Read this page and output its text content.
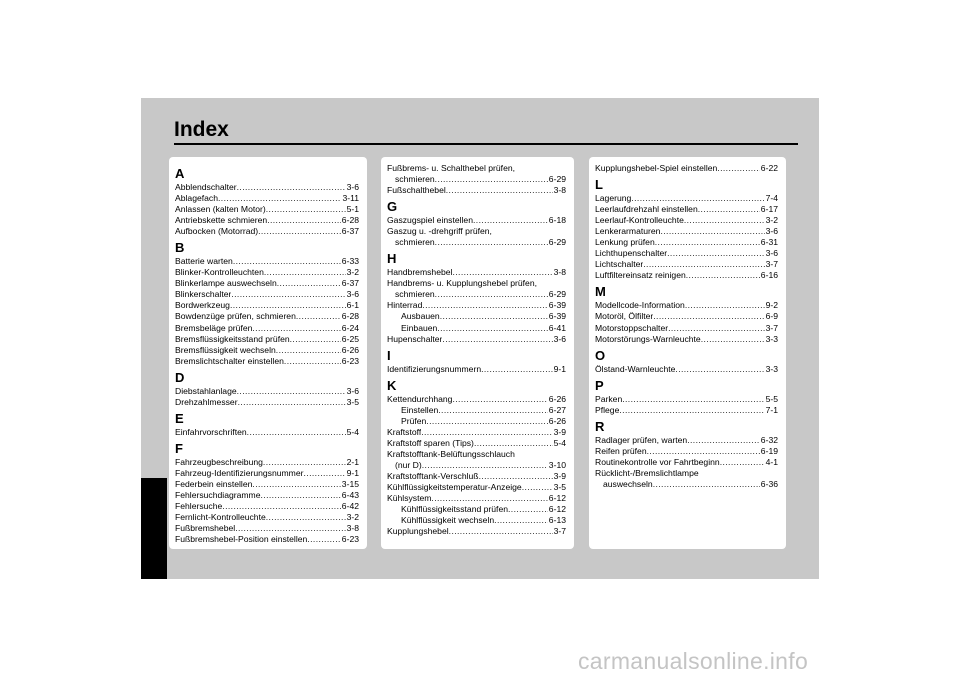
Index
A
Abblendschalter .....	3-6
Ablagefach .....	3-11
Anlassen (kalten Motor) .....	5-1
Antriebskette schmieren .....	6-28
Aufbocken (Motorrad) .....	6-37
B
Batterie warten .....	6-33
Blinker-Kontrolleuchten .....	3-2
Blinkerlampe auswechseln .....	6-37
Blinkerschalter .....	3-6
Bordwerkzeug .....	6-1
Bowdenzüge prüfen, schmieren .....	6-28
Bremsbeläge prüfen .....	6-24
Bremsflüssigkeitsstand prüfen .....	6-25
Bremsflüssigkeit wechseln .....	6-26
Bremslichtschalter einstellen .....	6-23
D
Diebstahlanlage .....	3-6
Drehzahlmesser .....	3-5
E
Einfahrvorschriften .....	5-4
F
Fahrzeugbeschreibung .....	2-1
Fahrzeug-Identifizierungsnummer .....	9-1
Federbein einstellen .....	3-15
Fehlersuchdiagramme .....	6-43
Fehlersuche .....	6-42
Fernlicht-Kontrolleuchte .....	3-2
Fußbremshebel .....	3-8
Fußbremshebel-Position einstellen .....	6-23
Fußbrems- u. Schalthebel prüfen,
schmieren .....	6-29
Fußschalthebel .....	3-8
G
Gaszugspiel einstellen .....	6-18
Gaszug u. -drehgriff prüfen,
schmieren .....	6-29
H
Handbremshebel .....	3-8
Handbrems- u. Kupplungshebel prüfen,
schmieren .....	6-29
Hinterrad .....	6-39
Ausbauen .....	6-39
Einbauen .....	6-41
Hupenschalter .....	3-6
I
Identifizierungsnummern .....	9-1
K
Kettendurchhang .....	6-26
Einstellen .....	6-27
Prüfen .....	6-26
Kraftstoff .....	3-9
Kraftstoff sparen (Tips) .....	5-4
Kraftstofftank-Belüftungsschlauch
(nur D) .....	3-10
Kraftstofftank-Verschluß .....	3-9
Kühlflüssigkeitstemperatur-Anzeige .....	3-5
Kühlsystem .....	6-12
Kühlflüssigkeitsstand prüfen .....	6-12
Kühlflüssigkeit wechseln .....	6-13
Kupplungshebel .....	3-7
Kupplungshebel-Spiel einstellen .....	6-22
L
Lagerung .....	7-4
Leerlaufdrehzahl einstellen .....	6-17
Leerlauf-Kontrolleuchte .....	3-2
Lenkerarmaturen .....	3-6
Lenkung prüfen .....	6-31
Lichthupenschalter .....	3-6
Lichtschalter .....	3-7
Luftfiltereinsatz reinigen .....	6-16
M
Modellcode-Information .....	9-2
Motoröl, Ölfilter .....	6-9
Motorstoppschalter .....	3-7
Motorstörungs-Warnleuchte .....	3-3
O
Ölstand-Warnleuchte .....	3-3
P
Parken .....	5-5
Pflege .....	7-1
R
Radlager prüfen, warten .....	6-32
Reifen prüfen .....	6-19
Routinekontrolle vor Fahrtbeginn .....	4-1
Rücklicht-/Bremslichtlampe
auswechseln .....	6-36
carmanualsonline.info
